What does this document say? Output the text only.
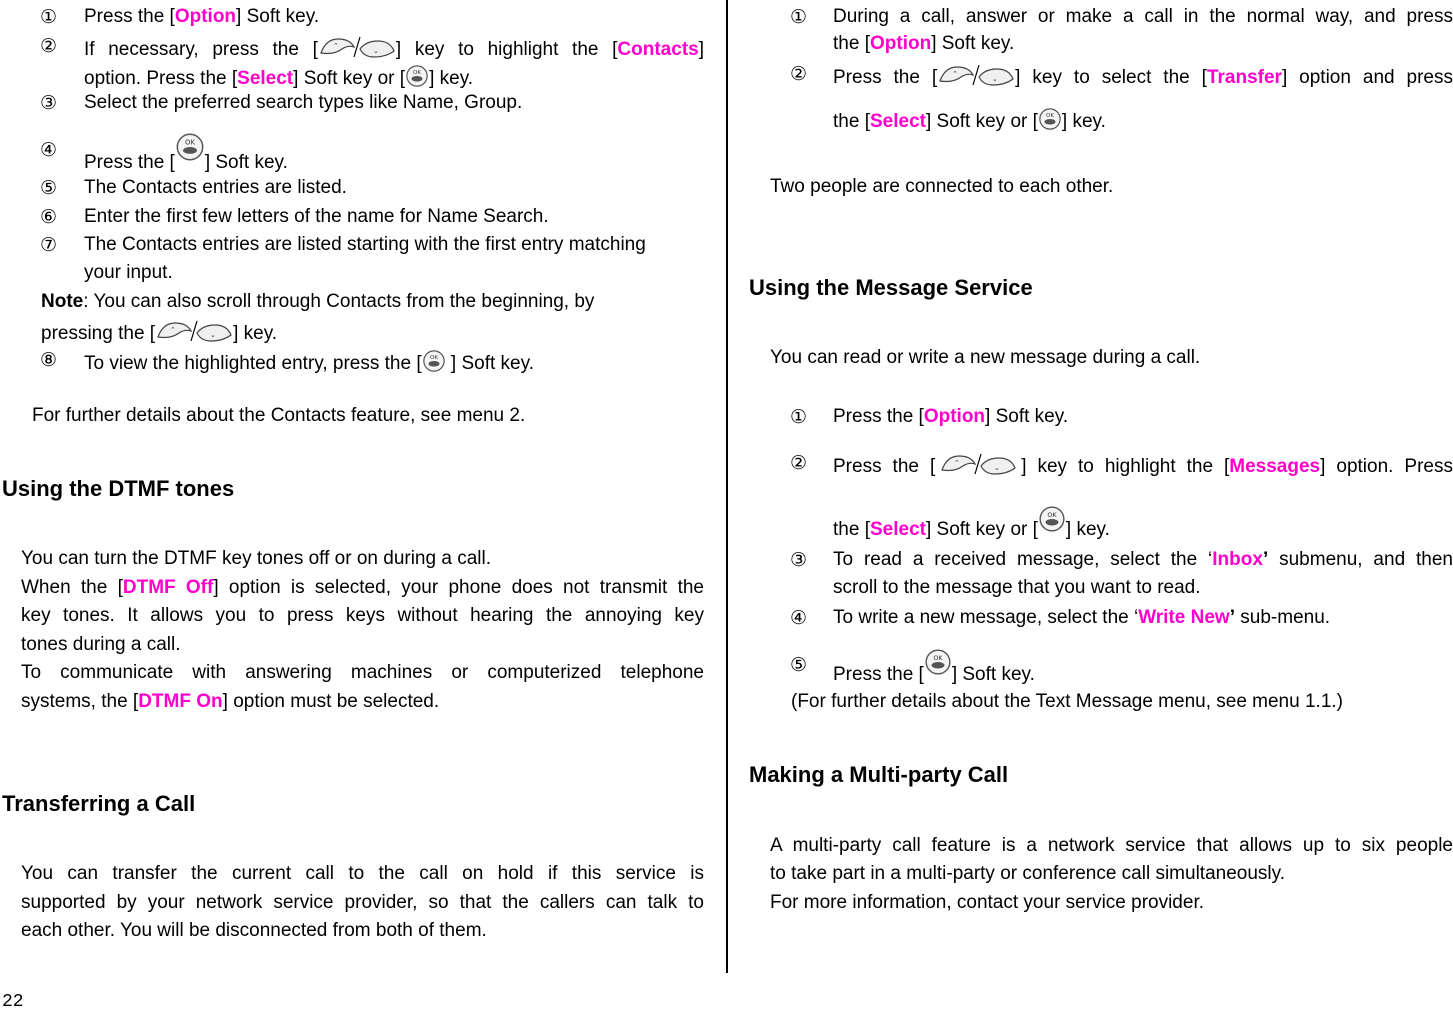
① Press the [Option] Soft key.
② If necessary, press the [	] key to highlight the [Contacts]
option. Press the [Select] Soft key or [ ] key.
③ Select the preferred search types like Name, Group.
④
Press the [ ] Soft key.
⑤ The Contacts entries are listed.
⑥ Enter the first few letters of the name for Name Search.
⑦ The Contacts entries are listed starting with the first entry matching
your input.
Note: You can also scroll through Contacts from the beginning, by
pressing the [	] key.
⑧ To view the highlighted entry, press the [ ] Soft key.
For further details about the Contacts feature, see menu 2.
Using the DTMF tones
You can turn the DTMF key tones off or on during a call.
When the [DTMF Off] option is selected, your phone does not transmit the
key tones. It allows you to press keys without hearing the annoying key
tones during a call.
To communicate with answering machines or computerized telephone
systems, the [DTMF On] option must be selected.
Transferring a Call
You can transfer the current call to the call on hold if this service is
supported by your network service provider, so that the callers can talk to
each other. You will be disconnected from both of them.
① During a call, answer or make a call in the normal way, and press
the [Option] Soft key.
② Press the [	] key to select the [Transfer] option and press
the [Select] Soft key or [ ] key.
Two people are connected to each other.
Using the Message Service
You can read or write a new message during a call.
① Press the [Option] Soft key.
② Press the [	] key to highlight the [Messages] option. Press
the [Select] Soft key or [ ] key.
③ To read a received message, select the ‘Inbox’ submenu, and then
scroll to the message that you want to read.
④ To write a new message, select the ‘Write New’ sub-menu.
⑤ Press the [ ] Soft key.
(For further details about the Text Message menu, see menu 1.1.)
Making a Multi-party Call
A multi-party call feature is a network service that allows up to six people
to take part in a multi-party or conference call simultaneously.
For more information, contact your service provider.
22
